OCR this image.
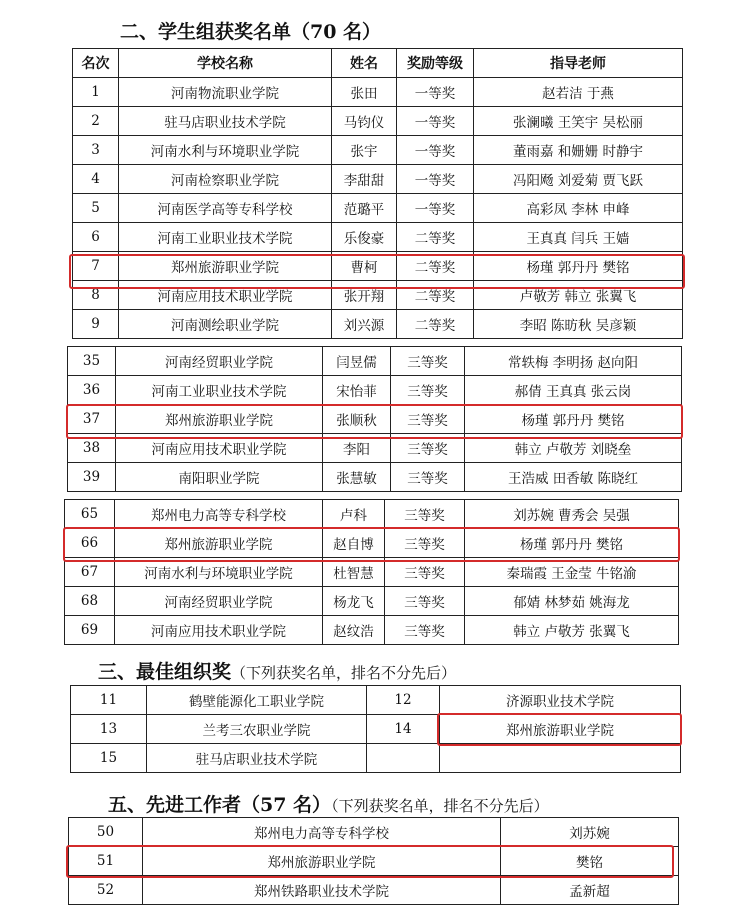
二、学生组获奖名单（70 名）
名次	学校名称	姓名	奖励等级	指导老师
1	河南物流职业学院	张田	一等奖	赵若洁 于燕
2	驻马店职业技术学院	马钧仪	一等奖	张澜曦 王笑宇 吴松丽
3	河南水利与环境职业学院	张宇	一等奖	董雨嘉 和姗姗 时静宇
4	河南检察职业学院	李甜甜	一等奖	冯阳飏 刘爱菊 贾飞跃
5	河南医学高等专科学校	范璐平	一等奖	高彩凤 李林 申峰
6	河南工业职业技术学院	乐俊豪	二等奖	王真真 闫兵 王嫱
7	郑州旅游职业学院	曹柯	二等奖	杨瑾 郭丹丹 樊铭
8	河南应用技术职业学院	张开翔	二等奖	卢敬芳 韩立 张翼飞
9	河南测绘职业学院	刘兴源	二等奖	李昭 陈昉秋 吴彦颖
35	河南经贸职业学院	闫昱儒	三等奖	常轶梅 李明扬 赵向阳
36	河南工业职业技术学院	宋怡菲	三等奖	郝倩 王真真 张云岗
37	郑州旅游职业学院	张顺秋	三等奖	杨瑾 郭丹丹 樊铭
38	河南应用技术职业学院	李阳	三等奖	韩立 卢敬芳 刘晓垒
39	南阳职业学院	张慧敏	三等奖	王浩威 田香敏 陈晓红
65	郑州电力高等专科学校	卢科	三等奖	刘苏婉 曹秀会 吴强
66	郑州旅游职业学院	赵自博	三等奖	杨瑾 郭丹丹 樊铭
67	河南水利与环境职业学院	杜智慧	三等奖	秦瑞霞 王金莹 牛铭渝
68	河南经贸职业学院	杨龙飞	三等奖	郁婧 林梦茹 姚海龙
69	河南应用技术职业学院	赵纹浩	三等奖	韩立 卢敬芳 张翼飞
三、最佳组织奖（下列获奖名单，排名不分先后）
11	鹤壁能源化工职业学院	12	济源职业技术学院
13	兰考三农职业学院	14	郑州旅游职业学院
15	驻马店职业技术学院		
五、先进工作者（57 名）（下列获奖名单，排名不分先后）
50	郑州电力高等专科学校	刘苏婉
51	郑州旅游职业学院	樊铭
52	郑州铁路职业技术学院	孟新超
